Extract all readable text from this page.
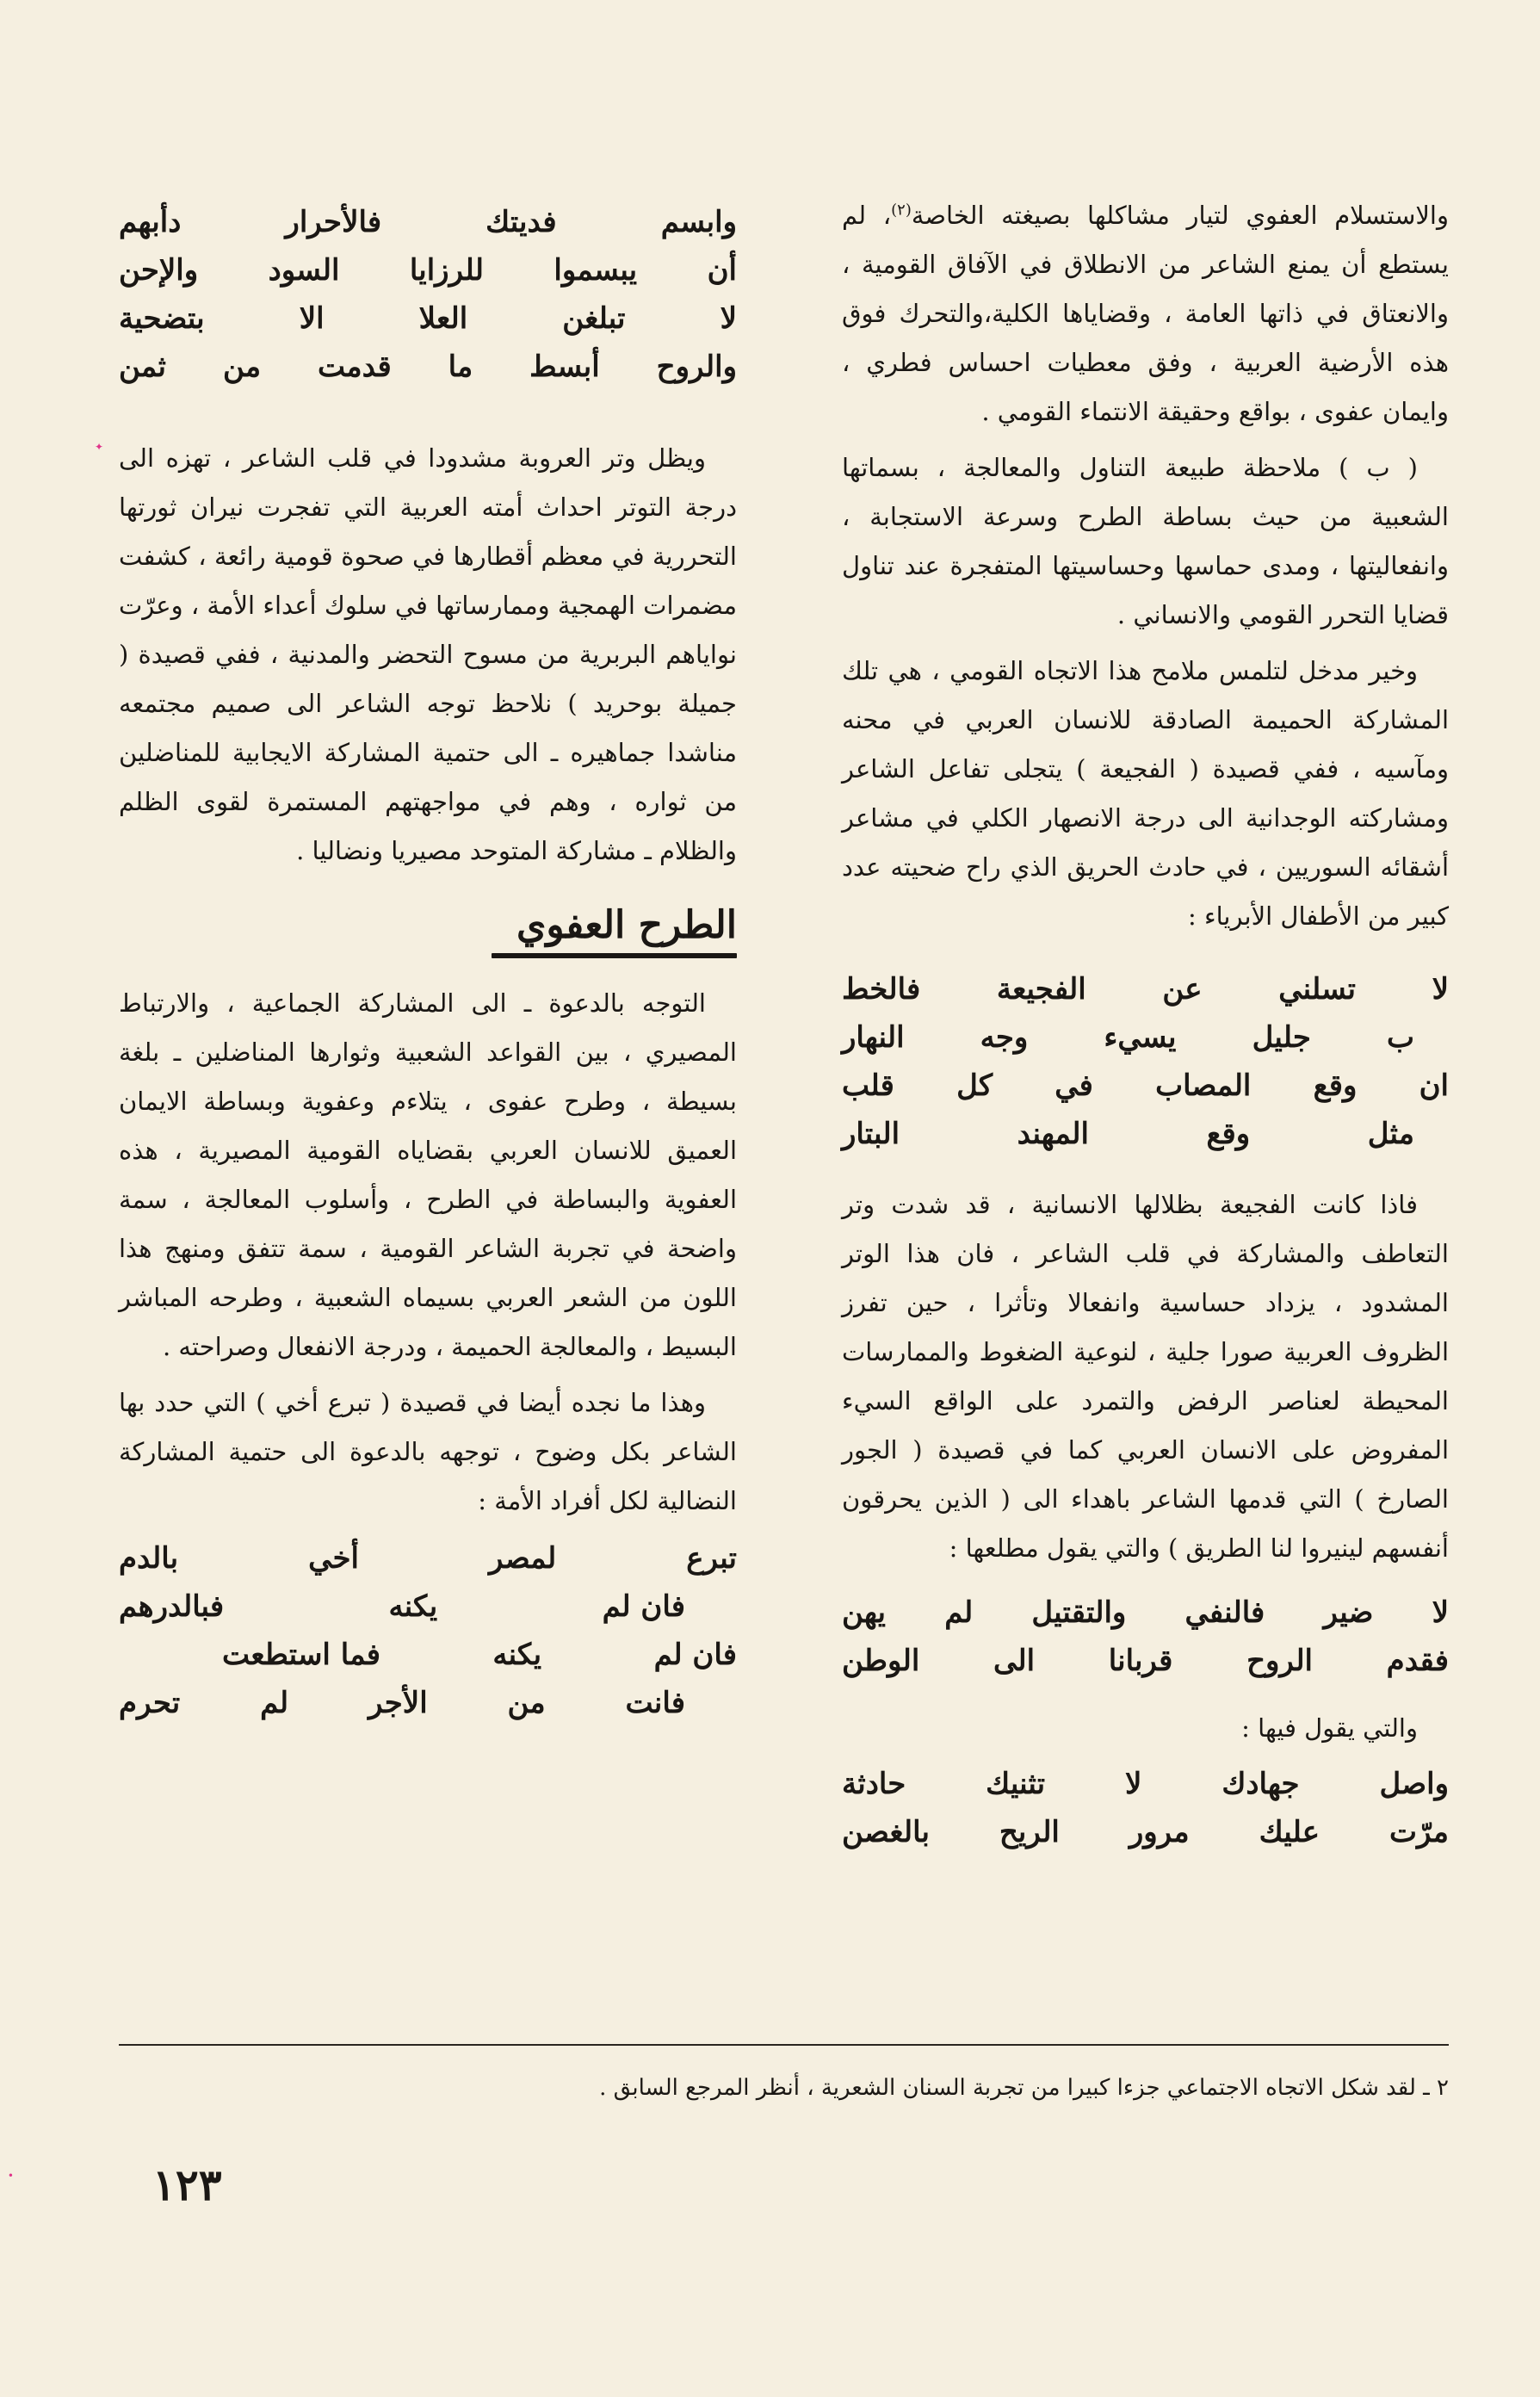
والاستسلام العفوي لتيار مشاكلها بصيغته الخاصة$^{(٢)}$، لم يستطع أن يمنع الشاعر من الانطلاق في الآفاق القومية ، والانعتاق في ذاتها العامة ، وقضاياها الكلية،والتحرك فوق هذه الأرضية العربية ، وفق معطيات احساس فطري ، وايمان عفوى ، بواقع وحقيقة الانتماء القومي .

( ب ) ملاحظة طبيعة التناول والمعالجة ، بسماتها الشعبية من حيث بساطة الطرح وسرعة الاستجابة ، وانفعاليتها ، ومدى حماسها وحساسيتها المتفجرة عند تناول قضايا التحرر القومي والانساني .

وخير مدخل لتلمس ملامح هذا الاتجاه القومي ، هي تلك المشاركة الحميمة الصادقة للانسان العربي في محنه ومآسيه ، ففي قصيدة ( الفجيعة ) يتجلى تفاعل الشاعر ومشاركته الوجدانية الى درجة الانصهار الكلي في مشاعر أشقائه السوريين ، في حادث الحريق الذي راح ضحيته عدد كبير من الأطفال الأبرياء :

لا تسلني عن الفجيعة فالخط
ب جليل يسيء وجه النهار
ان وقع المصاب في كل قلب
مثل وقع المهند البتار

فاذا كانت الفجيعة بظلالها الانسانية ، قد شدت وتر التعاطف والمشاركة في قلب الشاعر ، فان هذا الوتر المشدود ، يزداد حساسية وانفعالا وتأثرا ، حين تفرز الظروف العربية صورا جلية ، لنوعية الضغوط والممارسات المحيطة لعناصر الرفض والتمرد على الواقع السيء المفروض على الانسان العربي كما في قصيدة ( الجور الصارخ ) التي قدمها الشاعر باهداء الى ( الذين يحرقون أنفسهم لينيروا لنا الطريق ) والتي يقول مطلعها :

لا ضير فالنفي والتقتيل لم يهن
فقدم الروح قربانا الى الوطن

والتي يقول فيها :

واصل جهادك لا تثنيك حادثة
مرّت عليك مرور الريح بالغصن
وابسم فديتك فالأحرار دأبهم
أن يبسموا للرزايا السود والإحن
لا تبلغن العلا الا بتضحية
والروح أبسط ما قدمت من ثمن

ويظل وتر العروبة مشدودا في قلب الشاعر ، تهزه الى درجة التوتر احداث أمته العربية التي تفجرت نيران ثورتها التحررية في معظم أقطارها في صحوة قومية رائعة ، كشفت مضمرات الهمجية وممارساتها في سلوك أعداء الأمة ، وعرّت نواياهم البربرية من مسوح التحضر والمدنية ، ففي قصيدة ( جميلة بوحريد ) نلاحظ توجه الشاعر الى صميم مجتمعه مناشدا جماهيره ـ الى حتمية المشاركة الايجابية للمناضلين من ثواره ، وهم في مواجهتهم المستمرة لقوى الظلم والظلام ـ مشاركة المتوحد مصيريا ونضاليا .

الطرح العفوي

التوجه بالدعوة ـ الى المشاركة الجماعية ، والارتباط المصيري ، بين القواعد الشعبية وثوارها المناضلين ـ بلغة بسيطة ، وطرح عفوى ، يتلاءم وعفوية وبساطة الايمان العميق للانسان العربي بقضاياه القومية المصيرية ، هذه العفوية والبساطة في الطرح ، وأسلوب المعالجة ، سمة واضحة في تجربة الشاعر القومية ، سمة تتفق ومنهج هذا اللون من الشعر العربي بسيماه الشعبية ، وطرحه المباشر البسيط ، والمعالجة الحميمة ، ودرجة الانفعال وصراحته .

وهذا ما نجده أيضا في قصيدة ( تبرع أخي ) التي حدد بها الشاعر بكل وضوح ، توجهه بالدعوة الى حتمية المشاركة النضالية لكل أفراد الأمة :

تبرع
لمصر
أخي
بالدم
فان لم
يكنه
فبالدرهم
فان لم
يكنه
فما استطعت
فانت
من
الأجر
لم
تحرم
٢ ـ لقد شكل الاتجاه الاجتماعي جزءا كبيرا من تجربة السنان الشعرية ، أنظر المرجع السابق .
١٢٣
✦
•
